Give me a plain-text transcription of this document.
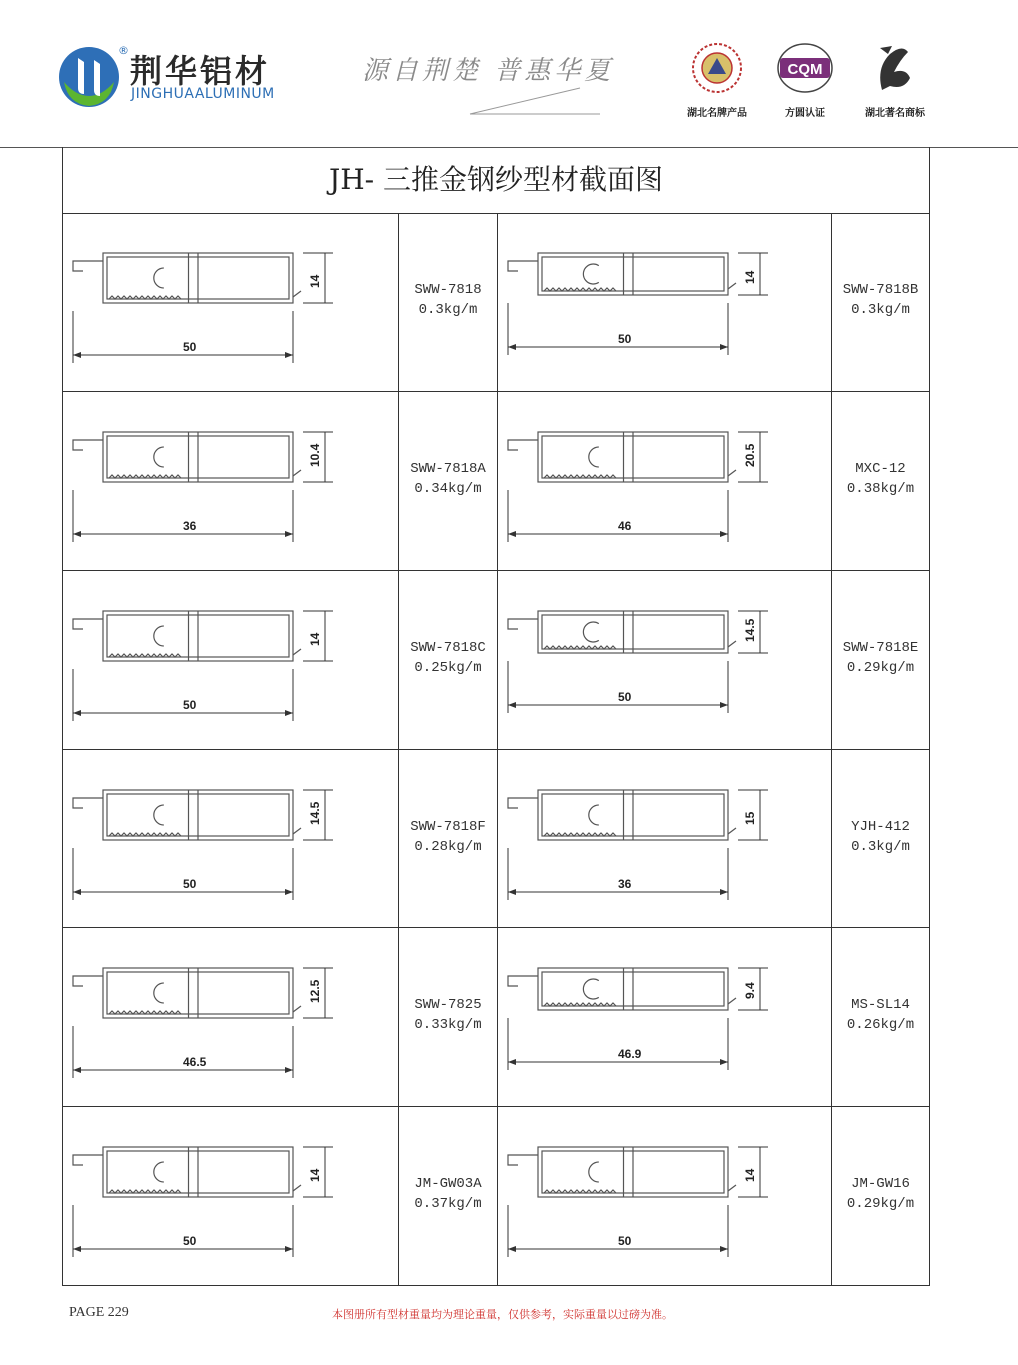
®
荆华铝材
JINGHUAALUMINUM
源自荆楚 普惠华夏
湖北名牌产品
CQM
方圆认证	湖北著名商标
JH- 三推金钢纱型材截面图
50
14
SWW-7818
0.3kg/m
50
14
SWW-7818B
0.3kg/m
36
10.4
SWW-7818A
0.34kg/m
46
20.5
MXC-12
0.38kg/m
50
14
SWW-7818C
0.25kg/m
50
14.5
SWW-7818E
0.29kg/m
50
14.5
SWW-7818F
0.28kg/m
36
15
YJH-412
0.3kg/m
46.5
12.5
SWW-7825
0.33kg/m
46.9
9.4
MS-SL14
0.26kg/m
50
14
JM-GW03A
0.37kg/m
50
14
JM-GW16
0.29kg/m
PAGE 229	本图册所有型材重量均为理论重量，仅供参考，实际重量以过磅为准。
